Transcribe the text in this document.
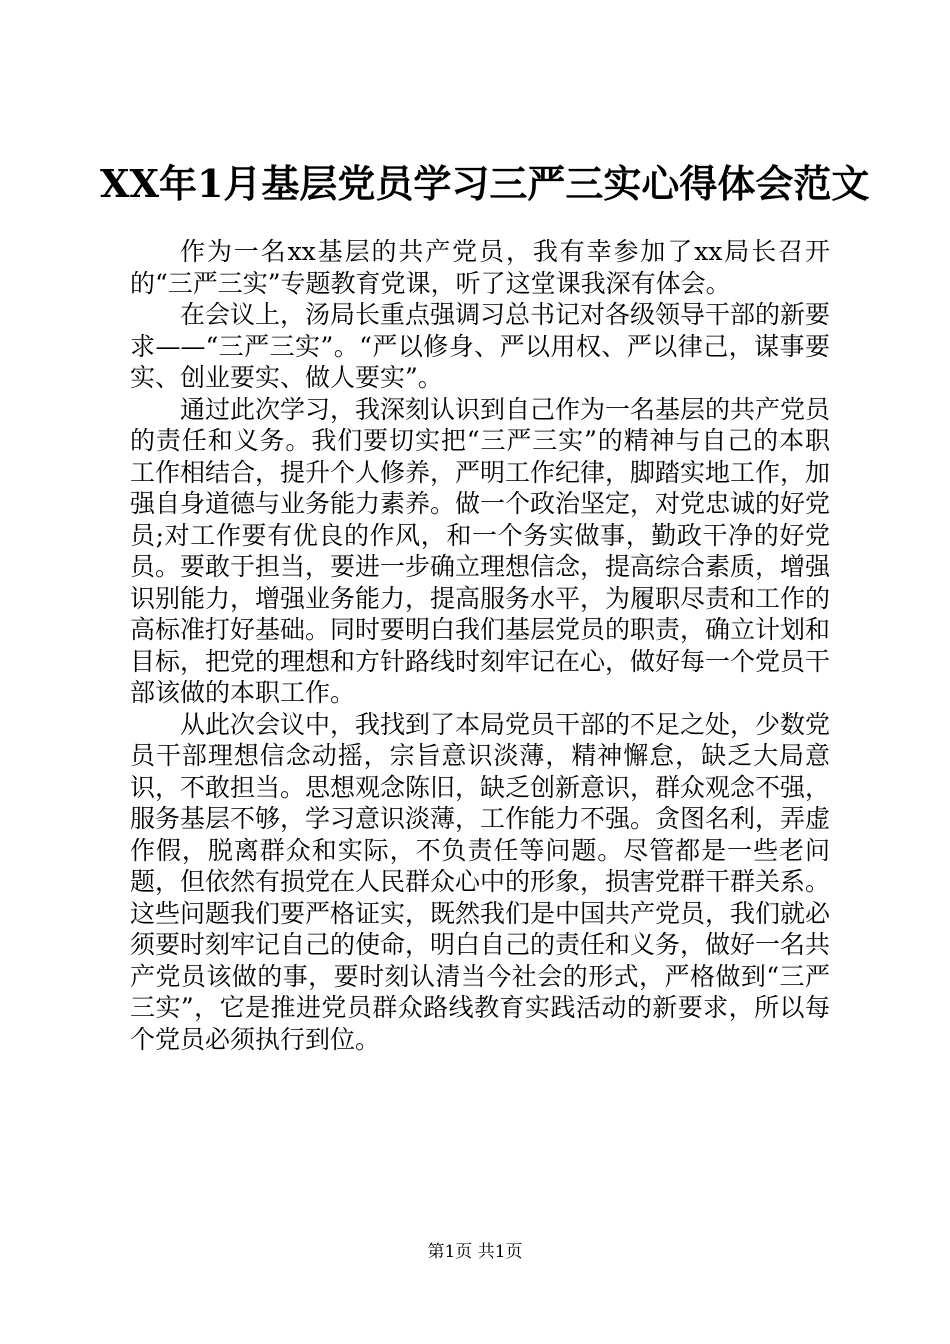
XX年1月基层党员学习三严三实心得体会范文

作为一名xx基层的共产党员，我有幸参加了xx局长召开的“三严三实”专题教育党课，听了这堂课我深有体会。

在会议上，汤局长重点强调习总书记对各级领导干部的新要求——“三严三实”。“严以修身、严以用权、严以律己，谋事要实、创业要实、做人要实”。

通过此次学习，我深刻认识到自己作为一名基层的共产党员的责任和义务。我们要切实把“三严三实”的精神与自己的本职工作相结合，提升个人修养，严明工作纪律，脚踏实地工作，加强自身道德与业务能力素养。做一个政治坚定，对党忠诚的好党员;对工作要有优良的作风，和一个务实做事，勤政干净的好党员。要敢于担当，要进一步确立理想信念，提高综合素质，增强识别能力，增强业务能力，提高服务水平，为履职尽责和工作的高标准打好基础。同时要明白我们基层党员的职责，确立计划和目标，把党的理想和方针路线时刻牢记在心，做好每一个党员干部该做的本职工作。

从此次会议中，我找到了本局党员干部的不足之处，少数党员干部理想信念动摇，宗旨意识淡薄，精神懈怠，缺乏大局意识，不敢担当。思想观念陈旧，缺乏创新意识，群众观念不强，服务基层不够，学习意识淡薄，工作能力不强。贪图名利，弄虚作假，脱离群众和实际，不负责任等问题。尽管都是一些老问题，但依然有损党在人民群众心中的形象，损害党群干群关系。这些问题我们要严格证实，既然我们是中国共产党员，我们就必须要时刻牢记自己的使命，明白自己的责任和义务，做好一名共产党员该做的事，要时刻认清当今社会的形式，严格做到“三严三实”，它是推进党员群众路线教育实践活动的新要求，所以每个党员必须执行到位。

第1页 共1页
